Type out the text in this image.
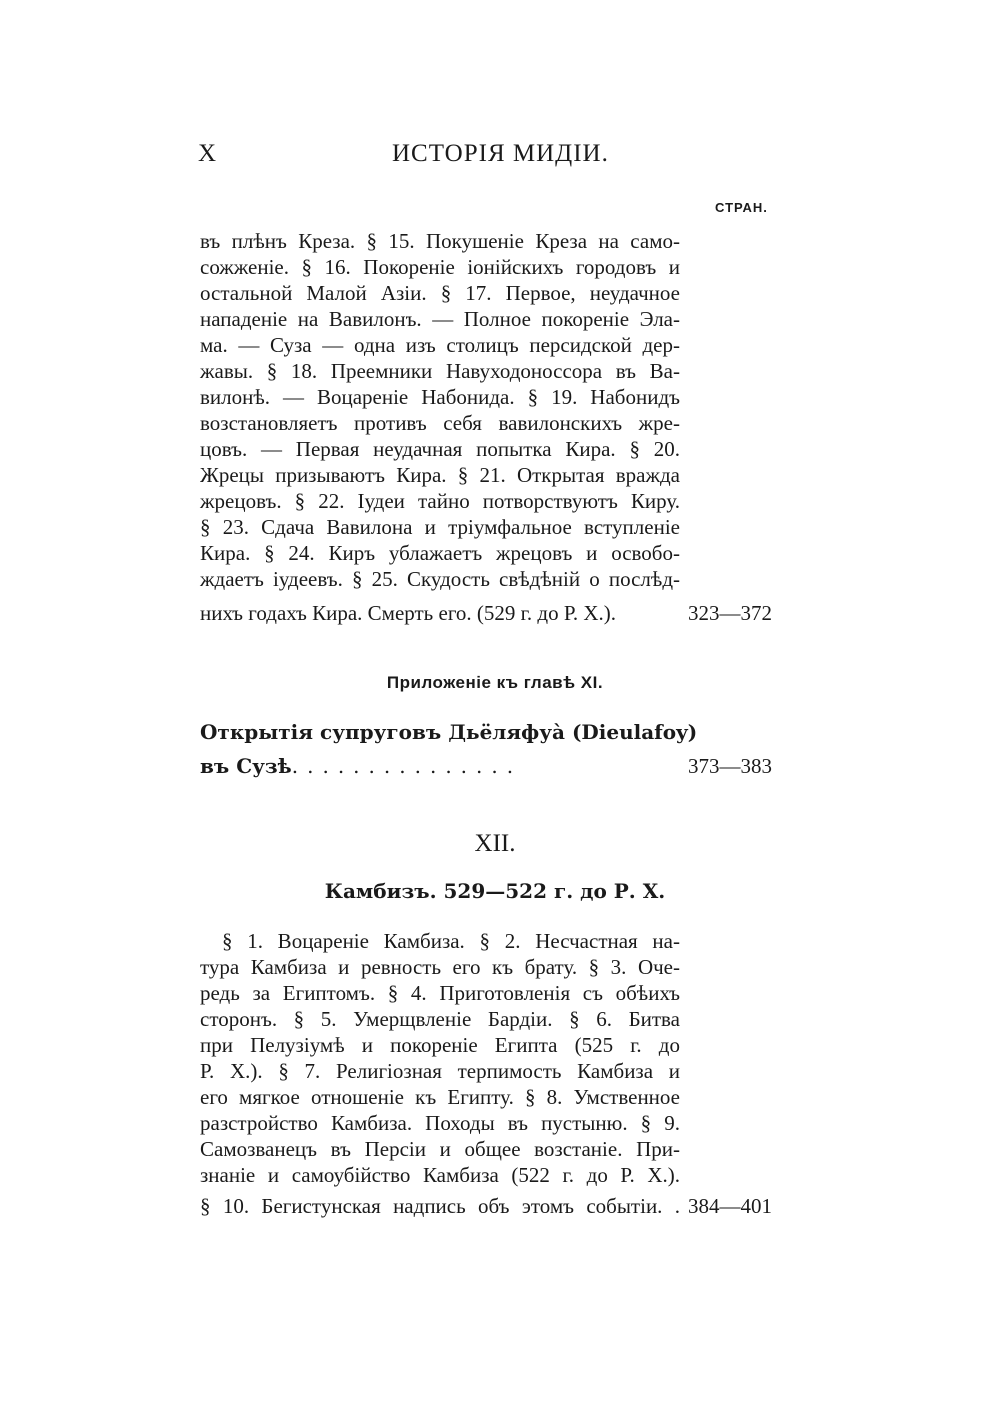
X	ИСТОРІЯ МИДІИ.
СТРАН.
въ плѣнъ Креза. § 15. Покушеніе Креза на само-
сожженіе. § 16. Покореніе іонійскихъ городовъ и
остальной Малой Азіи. § 17. Первое, неудачное
нападеніе на Вавилонъ. — Полное покореніе Эла-
ма. — Суза — одна изъ столицъ персидской дер-
жавы. § 18. Преемники Навуходоноссора въ Ва-
вилонѣ. — Воцареніе Набонида. § 19. Набонидъ
возстановляетъ противъ себя вавилонскихъ жре-
цовъ. — Первая неудачная попытка Кира. § 20.
Жрецы призываютъ Кира. § 21. Открытая вражда
жрецовъ. § 22. Іудеи тайно потворствуютъ Киру.
§ 23. Сдача Вавилона и тріумфальное вступленіе
Кира. § 24. Киръ ублажаетъ жрецовъ и освобо-
ждаетъ іудеевъ. § 25. Скудость свѣдѣній о послѣд-
нихъ годахъ Кира. Смерть его. (529 г. до Р. Х.).	323—372
Приложеніе къ главѣ XI.
Открытія супруговъ Дьёляфуà (Dieulafoy)
въ Сузѣ...............	373—383
XII.
Камбизъ. 529—522 г. до Р. Х.
§ 1. Воцареніе Камбиза. § 2. Несчастная на-
тура Камбиза и ревность его къ брату. § 3. Оче-
редь за Египтомъ. § 4. Приготовленія съ обѣихъ
сторонъ. § 5. Умерщвленіе Бардіи. § 6. Битва
при Пелузіумѣ и покореніе Египта (525 г. до
Р. Х.). § 7. Религіозная терпимость Камбиза и
его мягкое отношеніе къ Египту. § 8. Умственное
разстройство Камбиза. Походы въ пустыню. § 9.
Самозванецъ въ Персіи и общее возстаніе. При-
знаніе и самоубійство Камбиза (522 г. до Р. Х.).
§ 10. Бегистунская надпись объ этомъ событіи. . 384—401
